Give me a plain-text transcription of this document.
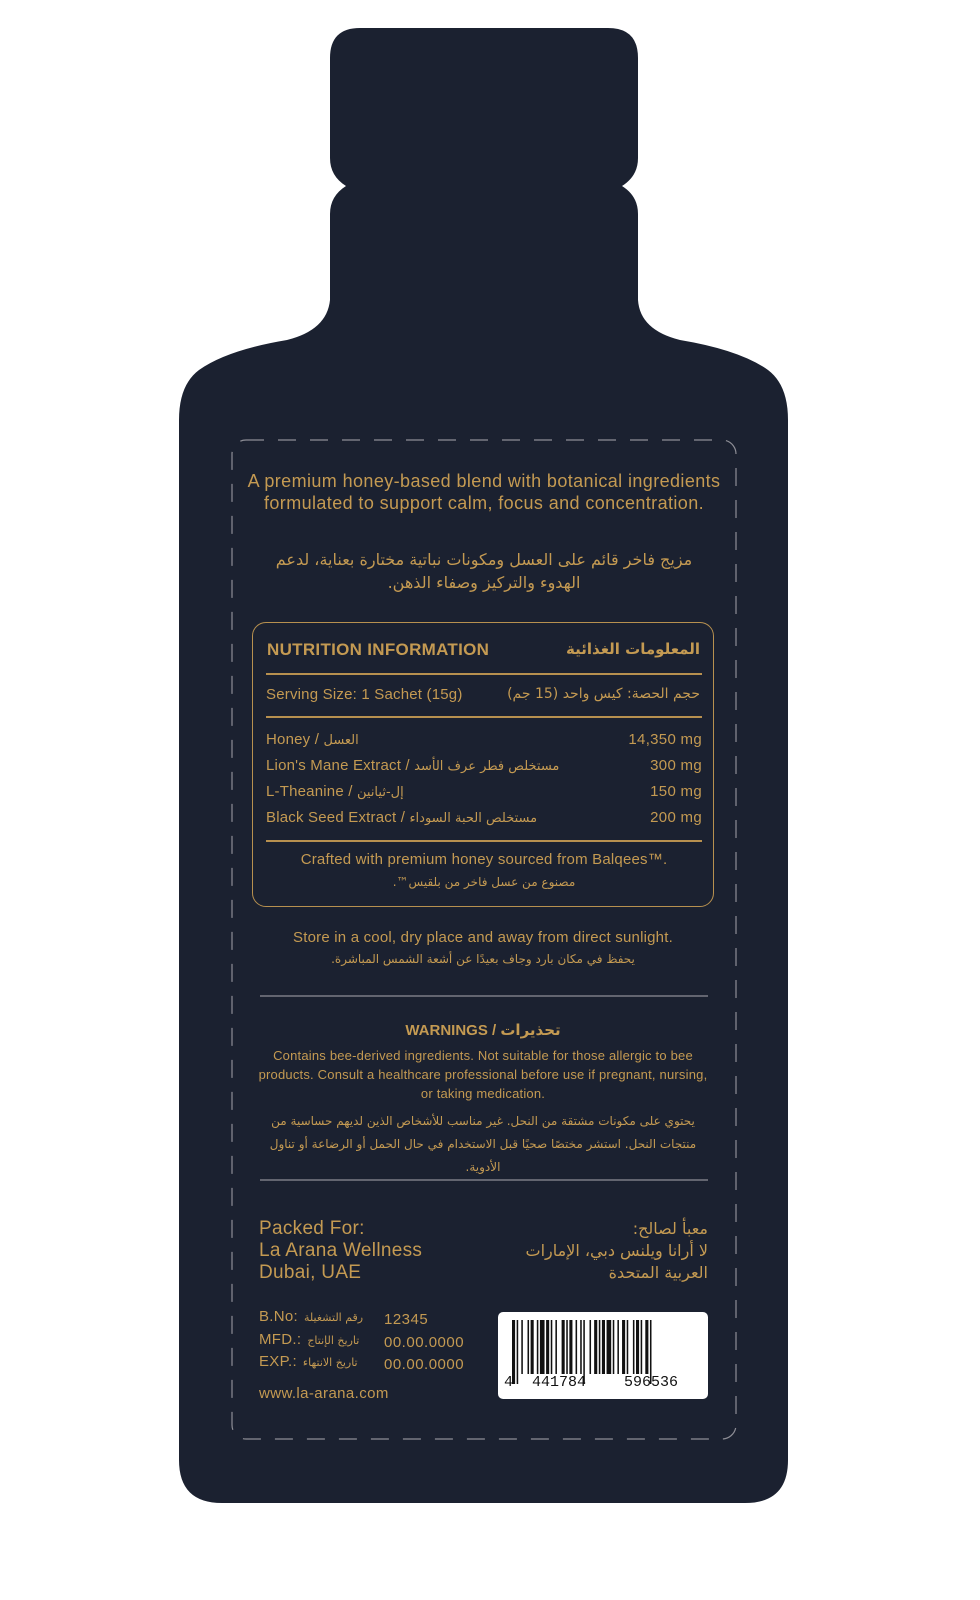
A premium honey-based blend with botanical ingredients formulated to support calm, focus and concentration.
مزيج فاخر قائم على العسل ومكونات نباتية مختارة بعناية، لدعم الهدوء والتركيز وصفاء الذهن.
NUTRITION INFORMATION	المعلومات الغذائية
Serving Size: 1 Sachet (15g)	حجم الحصة: كيس واحد (15 جم)
Honey / العسل	14,350 mg
Lion's Mane Extract / مستخلص فطر عرف الأسد	300 mg
L-Theanine / إل-ثيانين	150 mg
Black Seed Extract / مستخلص الحبة السوداء	200 mg
Crafted with premium honey sourced from Balqees™.
مصنوع من عسل فاخر من بلقيس™.
Store in a cool, dry place and away from direct sunlight.
يحفظ في مكان بارد وجاف بعيدًا عن أشعة الشمس المباشرة.
WARNINGS / تحذيرات
Contains bee-derived ingredients. Not suitable for those allergic to bee products. Consult a healthcare professional before use if pregnant, nursing, or taking medication.
يحتوي على مكونات مشتقة من النحل. غير مناسب للأشخاص الذين لديهم حساسية من منتجات النحل. استشر مختصًا صحيًا قبل الاستخدام في حال الحمل أو الرضاعة أو تناول الأدوية.
Packed For:
La Arana Wellness
Dubai, UAE
معبأ لصالح:
لا أرانا ويلنس دبي، الإمارات
العربية المتحدة
B.No: رقم التشغيلة 12345
MFD.: تاريخ الإنتاج 00.00.0000
EXP.: تاريخ الانتهاء 00.00.0000
www.la-arana.com
4 441784	596536
